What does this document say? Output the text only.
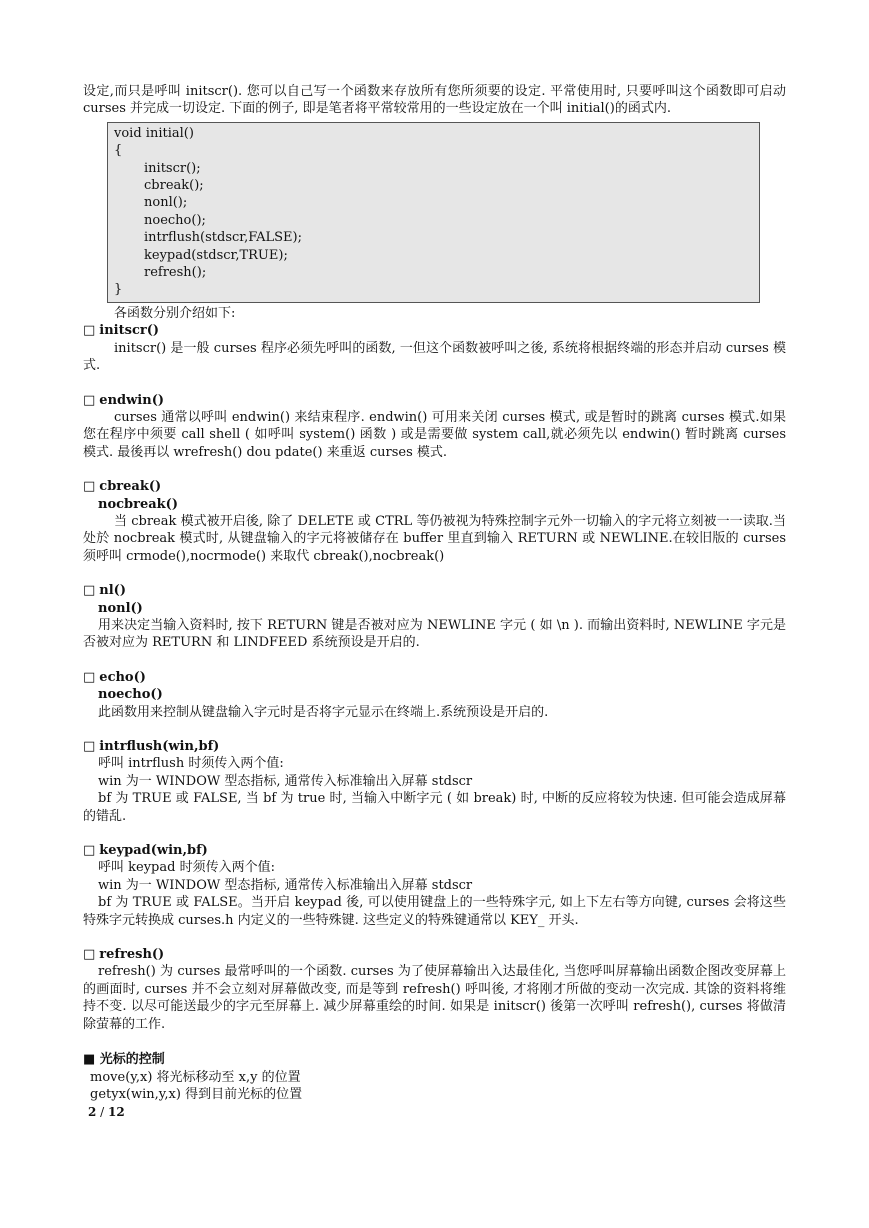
设定,而只是呼叫 initscr(). 您可以自己写一个函数来存放所有您所须要的设定. 平常使用时, 只要呼叫这个函数即可启动 curses 并完成一切设定. 下面的例子, 即是笔者将平常较常用的一些设定放在一个叫 initial()的函式内.

void initial()
{
initscr();
cbreak();
nonl();
noecho();
intrflush(stdscr,FALSE);
keypad(stdscr,TRUE);
refresh();
}

各函数分别介绍如下:

□ initscr()

initscr() 是一般 curses 程序必须先呼叫的函数, 一但这个函数被呼叫之後, 系统将根据终端的形态并启动 curses 模式.

□ endwin()

curses 通常以呼叫 endwin() 来结束程序. endwin() 可用来关闭 curses 模式, 或是暂时的跳离 curses 模式.如果您在程序中须要 call shell ( 如呼叫 system() 函数 ) 或是需要做 system call,就必须先以 endwin() 暂时跳离 curses 模式. 最後再以 wrefresh() dou pdate() 来重返 curses 模式.

□ cbreak()
nocbreak()

当 cbreak 模式被开启後, 除了 DELETE 或 CTRL 等仍被视为特殊控制字元外一切输入的字元将立刻被一一读取.当处於 nocbreak 模式时, 从键盘输入的字元将被储存在 buffer 里直到输入 RETURN 或 NEWLINE.在较旧版的 curses 须呼叫 crmode(),nocrmode() 来取代 cbreak(),nocbreak()

□ nl()
nonl()

用来决定当输入资料时, 按下 RETURN 键是否被对应为 NEWLINE 字元 ( 如 \n ). 而输出资料时, NEWLINE 字元是否被对应为 RETURN 和 LINDFEED 系统预设是开启的.

□ echo()
noecho()

此函数用来控制从键盘输入字元时是否将字元显示在终端上.系统预设是开启的.

□ intrflush(win,bf)

呼叫 intrflush 时须传入两个值:

win 为一 WINDOW 型态指标, 通常传入标准输出入屏幕 stdscr

bf 为 TRUE 或 FALSE, 当 bf 为 true 时, 当输入中断字元 ( 如 break) 时, 中断的反应将较为快速. 但可能会造成屏幕的错乱.

□ keypad(win,bf)

呼叫 keypad 时须传入两个值:

win 为一 WINDOW 型态指标, 通常传入标准输出入屏幕 stdscr

bf 为 TRUE 或 FALSE。当开启 keypad 後, 可以使用键盘上的一些特殊字元, 如上下左右等方向键, curses 会将这些特殊字元转换成 curses.h 内定义的一些特殊键. 这些定义的特殊键通常以 KEY_ 开头.

□ refresh()

refresh() 为 curses 最常呼叫的一个函数. curses 为了使屏幕输出入达最佳化, 当您呼叫屏幕输出函数企图改变屏幕上的画面时, curses 并不会立刻对屏幕做改变, 而是等到 refresh() 呼叫後, 才将刚才所做的变动一次完成. 其馀的资料将维持不变. 以尽可能送最少的字元至屏幕上. 减少屏幕重绘的时间. 如果是 initscr() 後第一次呼叫 refresh(), curses 将做清除萤幕的工作.

■ 光标的控制

move(y,x) 将光标移动至 x,y 的位置

getyx(win,y,x) 得到目前光标的位置

2 / 12
